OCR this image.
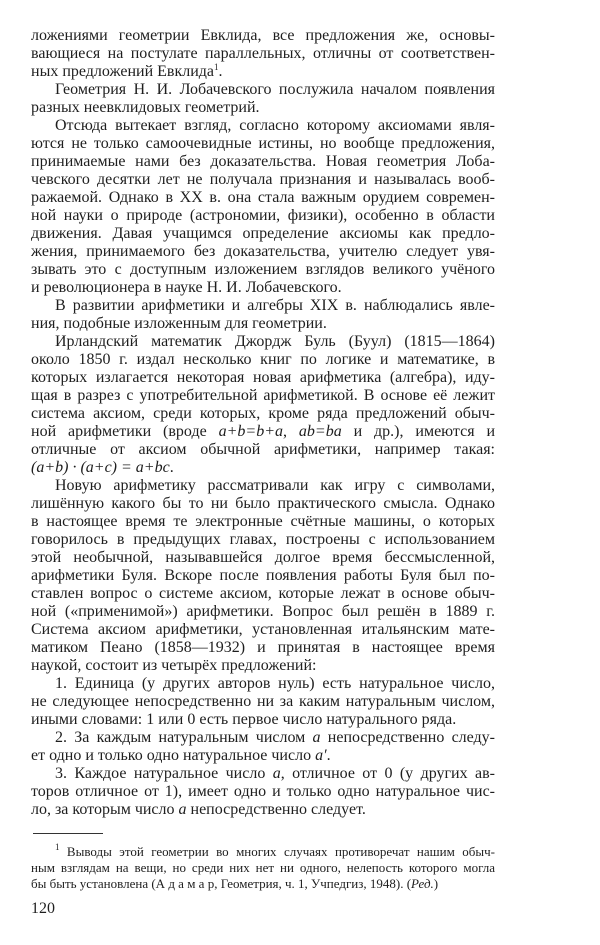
ложениями геометрии Евклида, все предложения же, основы-
вающиеся на постулате параллельных, отличны от соответствен-
ных предложений Евклида$^1$.
Геометрия Н. И. Лобачевского послужила началом появления
разных неевклидовых геометрий.
Отсюда вытекает взгляд, согласно которому аксиомами явля-
ются не только самоочевидные истины, но вообще предложения,
принимаемые нами без доказательства. Новая геометрия Лоба-
чевского десятки лет не получала признания и называлась вооб-
ражаемой. Однако в XX в. она стала важным орудием современ-
ной науки о природе (астрономии, физики), особенно в области
движения. Давая учащимся определение аксиомы как предло-
жения, принимаемого без доказательства, учителю следует увя-
зывать это с доступным изложением взглядов великого учёного
и революционера в науке Н. И. Лобачевского.
В развитии арифметики и алгебры XIX в. наблюдались явле-
ния, подобные изложенным для геометрии.
Ирландский математик Джордж Буль (Буул) (1815—1864)
около 1850 г. издал несколько книг по логике и математике, в
которых излагается некоторая новая арифметика (алгебра), иду-
щая в разрез с употребительной арифметикой. В основе её лежит
система аксиом, среди которых, кроме ряда предложений обыч-
ной арифметики (вроде a+b=b+a, ab=ba и др.), имеются и
отличные от аксиом обычной арифметики, например такая:
(a+b) · (a+c) = a+bc.
Новую арифметику рассматривали как игру с символами,
лишённую какого бы то ни было практического смысла. Однако
в настоящее время те электронные счётные машины, о которых
говорилось в предыдущих главах, построены с использованием
этой необычной, называвшейся долгое время бессмысленной,
арифметики Буля. Вскоре после появления работы Буля был по-
ставлен вопрос о системе аксиом, которые лежат в основе обыч-
ной («применимой») арифметики. Вопрос был решён в 1889 г.
Система аксиом арифметики, установленная итальянским мате-
матиком Пеано (1858—1932) и принятая в настоящее время
наукой, состоит из четырёх предложений:
1. Единица (у других авторов нуль) есть натуральное число,
не следующее непосредственно ни за каким натуральным числом,
иными словами: 1 или 0 есть первое число натурального ряда.
2. За каждым натуральным числом a непосредственно следу-
ет одно и только одно натуральное число a′.
3. Каждое натуральное число a, отличное от 0 (у других ав-
торов отличное от 1), имеет одно и только одно натуральное чис-
ло, за которым число a непосредственно следует.
$^1$ Выводы этой геометрии во многих случаях противоречат нашим обыч-
ным взглядам на вещи, но среди них нет ни одного, нелепость которого могла
бы быть установлена (А д а м а р, Геометрия, ч. 1, Учпедгиз, 1948). (Ред.)
120
